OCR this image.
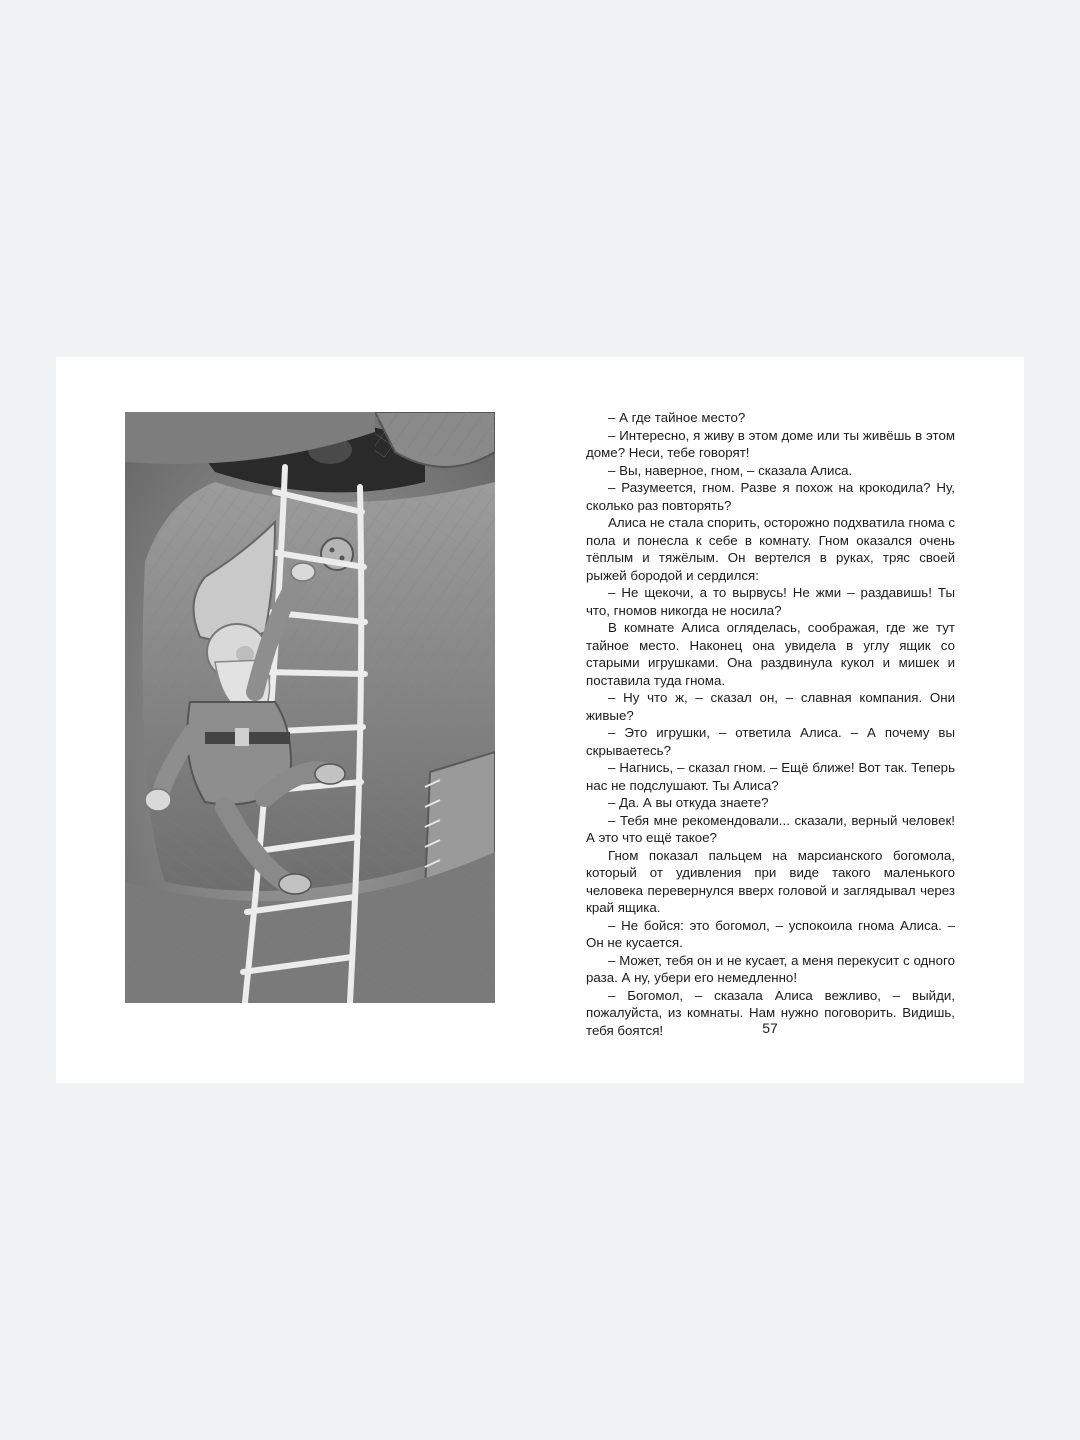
– А где тайное место?

– Интересно, я живу в этом доме или ты живёшь в этом доме? Неси, тебе говорят!

– Вы, наверное, гном, – сказала Алиса.

– Разумеется, гном. Разве я похож на крокодила? Ну, сколько раз повторять?

Алиса не стала спорить, осторожно подхватила гнома с пола и понесла к себе в комнату. Гном оказался очень тёплым и тяжёлым. Он вертелся в руках, тряс своей рыжей бородой и сердился:

– Не щекочи, а то вырвусь! Не жми – раздавишь! Ты что, гномов никогда не носила?

В комнате Алиса огляделась, соображая, где же тут тайное место. Наконец она увидела в углу ящик со старыми игрушками. Она раздвинула кукол и мишек и поставила туда гнома.

– Ну что ж, – сказал он, – славная компания. Они живые?

– Это игрушки, – ответила Алиса. – А почему вы скрываетесь?

– Нагнись, – сказал гном. – Ещё ближе! Вот так. Теперь нас не подслушают. Ты Алиса?

– Да. А вы откуда знаете?

– Тебя мне рекомендовали... сказали, верный человек! А это что ещё такое?

Гном показал пальцем на марсианского богомола, который от удивления при виде такого маленького человека перевернулся вверх головой и заглядывал через край ящика.

– Не бойся: это богомол, – успокоила гнома Алиса. – Он не кусается.

– Может, тебя он и не кусает, а меня перекусит с одного раза. А ну, убери его немедленно!

– Богомол, – сказала Алиса вежливо, – выйди, пожалуйста, из комнаты. Нам нужно поговорить. Видишь, тебя боятся!	57
